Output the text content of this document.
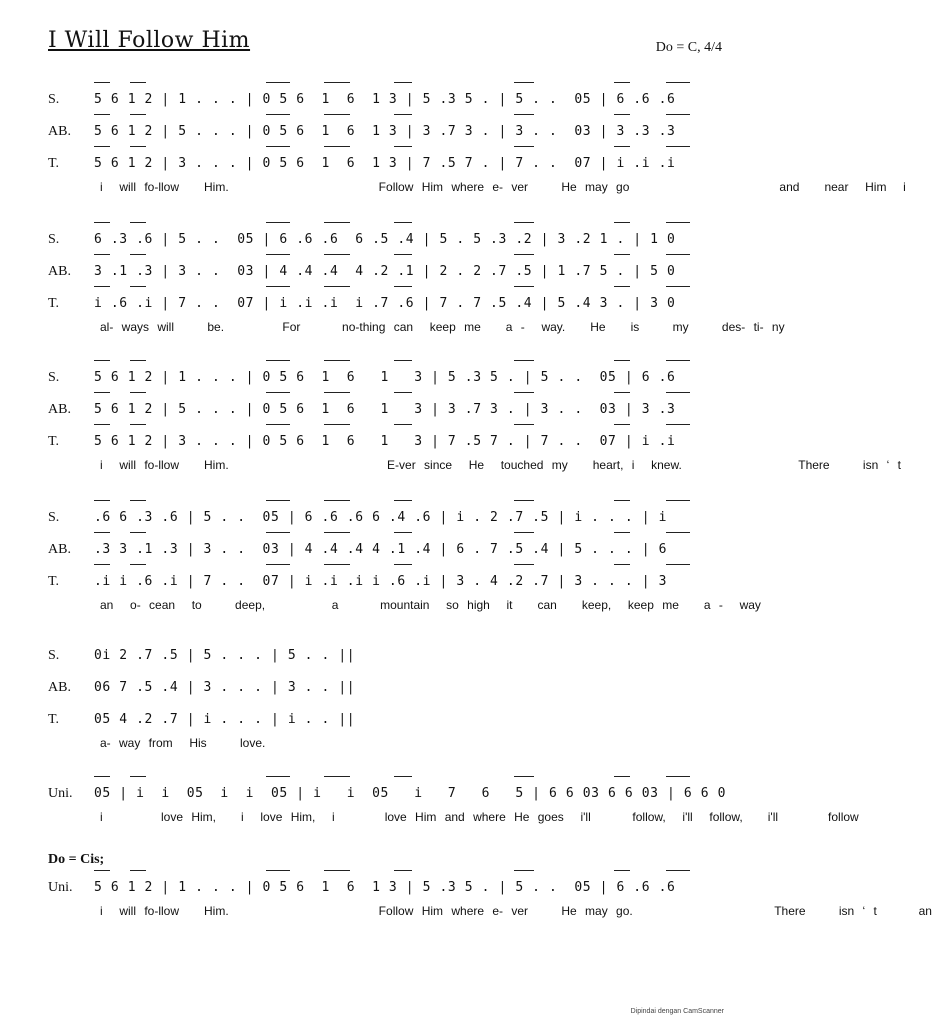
I Will Follow Him	Do = C, 4/4
S.	5 6 1 2 | 1 . . . | 0 5 6  1  6  1 3 | 5 .3 5 . | 5 . .  05 | 6 .6 .6
AB. 5 6 1 2 | 5 . . . | 0 5 6  1  6  1 3 | 3 .7 3 . | 3 . .  03 | 3 .3 .3
T.	5 6 1 2 | 3 . . . | 0 5 6  1  6  1 3 | 7 .5 7 . | 7 . .  07 | i .i .i
i  will fo-llow   Him.                  Follow Him where e- ver    He may go                  and   near  Him  i
S.	6 .3 .6 | 5 . .  05 | 6 .6 .6  6 .5 .4 | 5 . 5 .3 .2 | 3 .2 1 . | 1 0
AB. 3 .1 .3 | 3 . .  03 | 4 .4 .4  4 .2 .1 | 2 . 2 .7 .5 | 1 .7 5 . | 5 0
T.	i .6 .i | 7 . .  07 | i .i .i  i .7 .6 | 7 . 7 .5 .4 | 5 .4 3 . | 3 0
al- ways will    be.       For     no-thing can  keep me   a -  way.   He   is    my    des- ti- ny
S.	5 6 1 2 | 1 . . . | 0 5 6  1  6   1   3 | 5 .3 5 . | 5 . .  05 | 6 .6
AB. 5 6 1 2 | 5 . . . | 0 5 6  1  6   1   3 | 3 .7 3 . | 3 . .  03 | 3 .3
T.	5 6 1 2 | 3 . . . | 0 5 6  1  6   1   3 | 7 .5 7 . | 7 . .  07 | i .i
i  will fo-llow   Him.                   E-ver since  He  touched my   heart, i  knew.              There    isn ‘ t
S.	.6 6 .3 .6 | 5 . .  05 | 6 .6 .6 6 .4 .6 | i . 2 .7 .5 | i . . . | i
AB. .3 3 .1 .3 | 3 . .  03 | 4 .4 .4 4 .1 .4 | 6 . 7 .5 .4 | 5 . . . | 6
T.	.i i .6 .i | 7 . .  07 | i .i .i i .6 .i | 3 . 4 .2 .7 | 3 . . . | 3
an  o- cean  to    deep,        a     mountain  so high  it   can   keep,  keep me   a -  way
S.	0i 2 .7 .5 | 5 . . . | 5 . . ||
AB. 06 7 .5 .4 | 3 . . . | 3 . . ||
T.	05 4 .2 .7 | i . . . | i . . ||
a- way from  His    love.
Uni. 05 | i  i  05  i  i  05 | i   i  05   i   7   6   5 | 6 6 03 6 6 03 | 6 6 0
i       love Him,   i  love Him,  i      love Him and where He goes  i'll     follow,  i'll  follow,   i'll      follow
Do = Cis;
Uni. 5 6 1 2 | 1 . . . | 0 5 6  1  6  1 3 | 5 .3 5 . | 5 . .  05 | 6 .6 .6
i  will fo-llow   Him.                  Follow Him where e- ver    He may go.                 There    isn ‘ t     an
Dipindai dengan CamScanner
